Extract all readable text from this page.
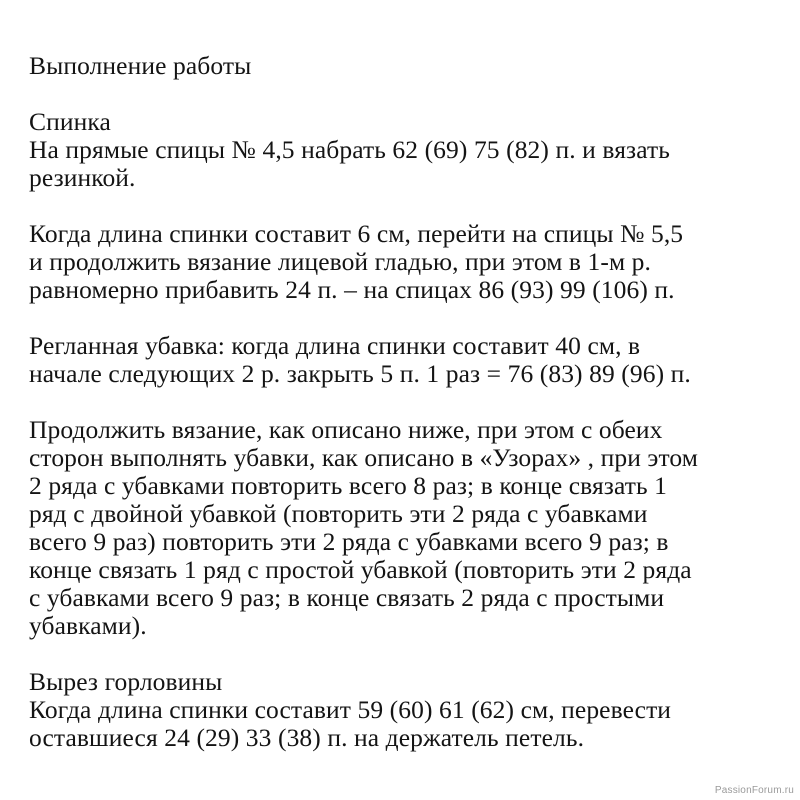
Выполнение работы
Спинка
На прямые спицы № 4,5 набрать 62 (69) 75 (82) п. и вязать
резинкой.
Когда длина спинки составит 6 см, перейти на спицы № 5,5
и продолжить вязание лицевой гладью, при этом в 1-м р.
равномерно прибавить 24 п. – на спицах 86 (93) 99 (106) п.
Регланная убавка: когда длина спинки составит 40 см, в
начале следующих 2 р. закрыть 5 п. 1 раз = 76 (83) 89 (96) п.
Продолжить вязание, как описано ниже, при этом с обеих
сторон выполнять убавки, как описано в «Узорах» , при этом
2 ряда с убавками повторить всего 8 раз; в конце связать 1
ряд с двойной убавкой (повторить эти 2 ряда с убавками
всего 9 раз) повторить эти 2 ряда с убавками всего 9 раз; в
конце связать 1 ряд с простой убавкой (повторить эти 2 ряда
с убавками всего 9 раз; в конце связать 2 ряда с простыми
убавками).
Вырез горловины
Когда длина спинки составит 59 (60) 61 (62) см, перевести
оставшиеся 24 (29) 33 (38) п. на держатель петель.
PassionForum.ru
